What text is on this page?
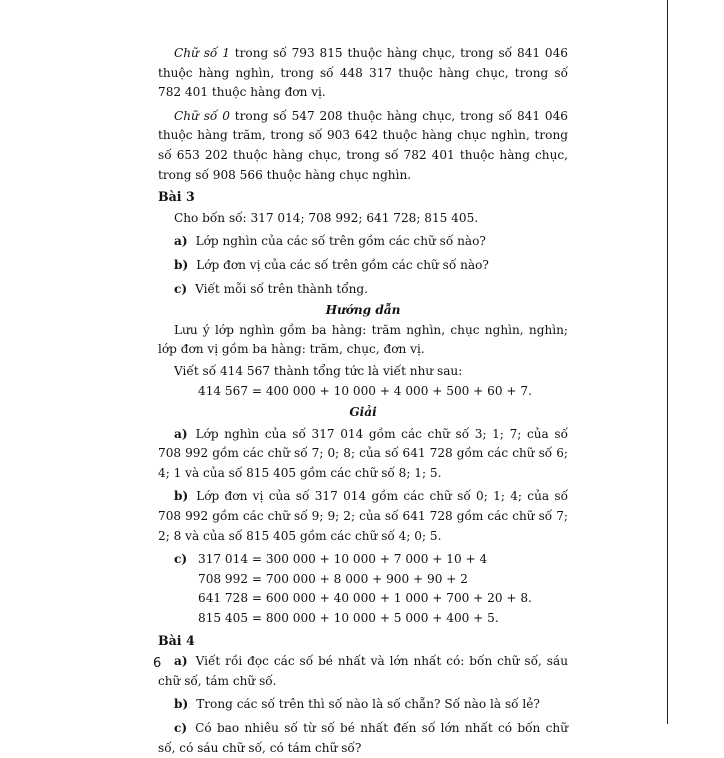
Chữ số 1 trong số 793 815 thuộc hàng chục, trong số 841 046 thuộc hàng nghìn, trong số 448 317 thuộc hàng chục, trong số 782 401 thuộc hàng đơn vị.

Chữ số 0 trong số 547 208 thuộc hàng chục, trong số 841 046 thuộc hàng trăm, trong số 903 642 thuộc hàng chục nghìn, trong số 653 202 thuộc hàng chục, trong số 782 401 thuộc hàng chục, trong số 908 566 thuộc hàng chục nghìn.

Bài 3

Cho bốn số: 317 014; 708 992; 641 728; 815 405.

a) Lớp nghìn của các số trên gồm các chữ số nào?

b) Lớp đơn vị của các số trên gồm các chữ số nào?

c) Viết mỗi số trên thành tổng.

Hướng dẫn

Lưu ý lớp nghìn gồm ba hàng: trăm nghìn, chục nghìn, nghìn; lớp đơn vị gồm ba hàng: trăm, chục, đơn vị.

Viết số 414 567 thành tổng tức là viết như sau:

414 567 = 400 000 + 10 000 + 4 000 + 500 + 60 + 7.

Giải

a) Lớp nghìn của số 317 014 gồm các chữ số 3; 1; 7; của số 708 992 gồm các chữ số 7; 0; 8; của số 641 728 gồm các chữ số 6; 4; 1 và của số 815 405 gồm các chữ số 8; 1; 5.

b) Lớp đơn vị của số 317 014 gồm các chữ số 0; 1; 4; của số 708 992 gồm các chữ số 9; 9; 2; của số 641 728 gồm các chữ số 7; 2; 8 và của số 815 405 gồm các chữ số 4; 0; 5.

c) 317 014 = 300 000 + 10 000 + 7 000 + 10 + 4

708 992 = 700 000 + 8 000 + 900 + 90 + 2

641 728 = 600 000 + 40 000 + 1 000 + 700 + 20 + 8.

815 405 = 800 000 + 10 000 + 5 000 + 400 + 5.

Bài 4

a) Viết rồi đọc các số bé nhất và lớn nhất có: bốn chữ số, sáu chữ số, tám chữ số.

b) Trong các số trên thì số nào là số chẵn? Số nào là số lẻ?

c) Có bao nhiêu số từ số bé nhất đến số lớn nhất có bốn chữ số, có sáu chữ số, có tám chữ số?

6
